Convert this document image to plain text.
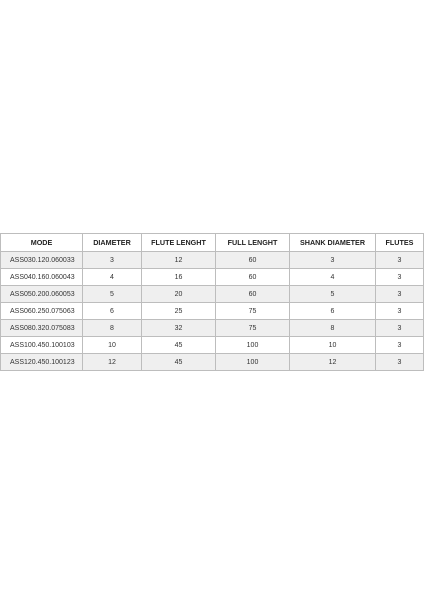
MODE	DIAMETER	FLUTE LENGHT	FULL LENGHT	SHANK DIAMETER	FLUTES
ASS030.120.060033	3	12	60	3	3
ASS040.160.060043	4	16	60	4	3
ASS050.200.060053	5	20	60	5	3
ASS060.250.075063	6	25	75	6	3
ASS080.320.075083	8	32	75	8	3
ASS100.450.100103	10	45	100	10	3
ASS120.450.100123	12	45	100	12	3
